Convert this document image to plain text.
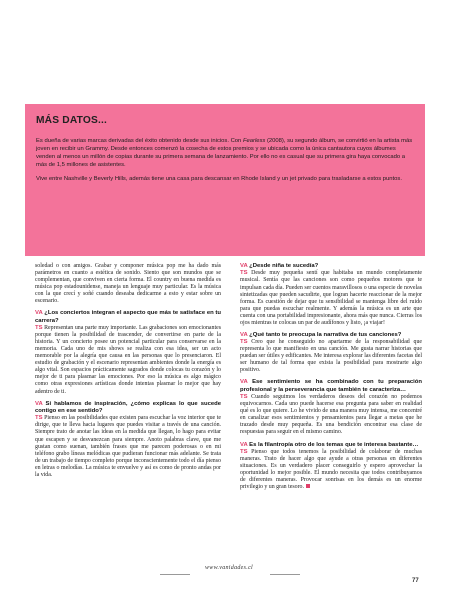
MÁS DATOS...

Es dueña de varias marcas derivadas del éxito obtenido desde sus inicios. Con Fearless (2008), su segundo álbum, se convirtió en la artista más joven en recibir un Grammy. Desde entonces comenzó la cosecha de estos premios y se ubicada como la única cantautora cuyos álbumes venden al menos un millón de copias durante su primera semana de lanzamiento. Por ello no es casual que su primera gira haya convocado a más de 1,5 millones de asistentes.

Vive entre Nashville y Beverly Hills, además tiene una casa para descansar en Rhode Island y un jet privado para trasladarse a estos puntos.

soledad o con amigos. Grabar y componer música pop me ha dado más parámetros en cuanto a estética de sonido. Siento que son mundos que se complementan, que conviven en cierta forma. El country en buena medida es música pop estadounidense, maneja un lenguaje muy particular. Es la música con la que crecí y soñé cuando deseaba dedicarme a esto y estar sobre un escenario.

VA ¿Los conciertos integran el aspecto que más te satisface en tu carrera?

TS Representan una parte muy importante. Las grabaciones son emocionantes porque tienen la posibilidad de trascender, de convertirse en parte de la historia. Y un concierto posee un potencial particular para conservarse en la memoria. Cada uno de mis shows se realiza con esa idea, ser un acto memorable por la alegría que causa en las personas que lo presenciaron. El estudio de grabación y el escenario representan ambientes donde la energía es algo vital. Son espacios prácticamente sagrados donde colocas tu corazón y lo mejor de ti para plasmar las emociones. Por eso la música es algo mágico como otras expresiones artísticas donde intentas plasmar lo mejor que hay adentro de ti.

VA Si hablamos de inspiración, ¿cómo explicas lo que sucede contigo en ese sentido?

TS Pienso en las posibilidades que existen para escuchar la voz interior que te dirige, que te lleva hacia lugares que puedes visitar a través de una canción. Siempre trato de anotar las ideas en la medida que llegan, lo hago para evitar que escapen y se desvanezcan para siempre. Anoto palabras clave, que me gustan como suenan, también frases que me parecen poderosas o en mi teléfono grabo líneas melódicas que pudieran funcionar más adelante. Se trata de un trabajo de tiempo completo porque inconscientemente todo el día pienso en letras o melodías. La música te envuelve y así es como de pronto andas por la vida.

VA ¿Desde niña te sucedía?

TS Desde muy pequeña sentí que habitaba un mundo completamente musical. Sentía que las canciones son como pequeños motores que te impulsan cada día. Pueden ser cuentos maravillosos o una especie de novelas sintetizadas que pueden sacudirte, que logran hacerte reaccionar de la mejor forma. Es cuestión de dejar que tu sensibilidad se mantenga libre del ruido para que puedas escuchar realmente. Y además la música es un arte que cuenta con una portabilidad impresionante, ahora más que nunca. Cierras los ojos mientras te colocas un par de audífonos y listo, ¡a viajar!

VA ¿Qué tanto te preocupa la narrativa de tus canciones?

TS Creo que he conseguido no apartarme de la responsabilidad que representa lo que manifiesto en una canción. Me gusta narrar historias que puedan ser útiles y edificantes. Me interesa explorar las diferentes facetas del ser humano de tal forma que exista la posibilidad para mostrarte algo positivo.

VA Ese sentimiento se ha combinado con tu preparación profesional y la perseverancia que también te caracteriza…

TS Cuando seguimos los verdaderos deseos del corazón no podemos equivocarnos. Cada uno puede hacerse esa pregunta para saber en realidad qué es lo que quiere. Lo he vivido de una manera muy intensa, me concentré en canalizar esos sentimientos y pensamientos para llegar a metas que he trazado desde muy pequeña. Es una bendición encontrar esa clase de respuestas para seguir en el mismo camino.

VA Es la filantropía otro de los temas que te interesa bastante…

TS Pienso que todos tenemos la posibilidad de colaborar de muchas maneras. Trato de hacer algo que ayude a otras personas en diferentes situaciones. Es un verdadero placer conseguirlo y espero aprovechar la oportunidad lo mejor posible. El mundo necesita que todos contribuyamos de diferentes maneras. Provocar sonrisas en los demás es un enorme privilegio y un gran tesoro.

www.vanidades.cl
77
